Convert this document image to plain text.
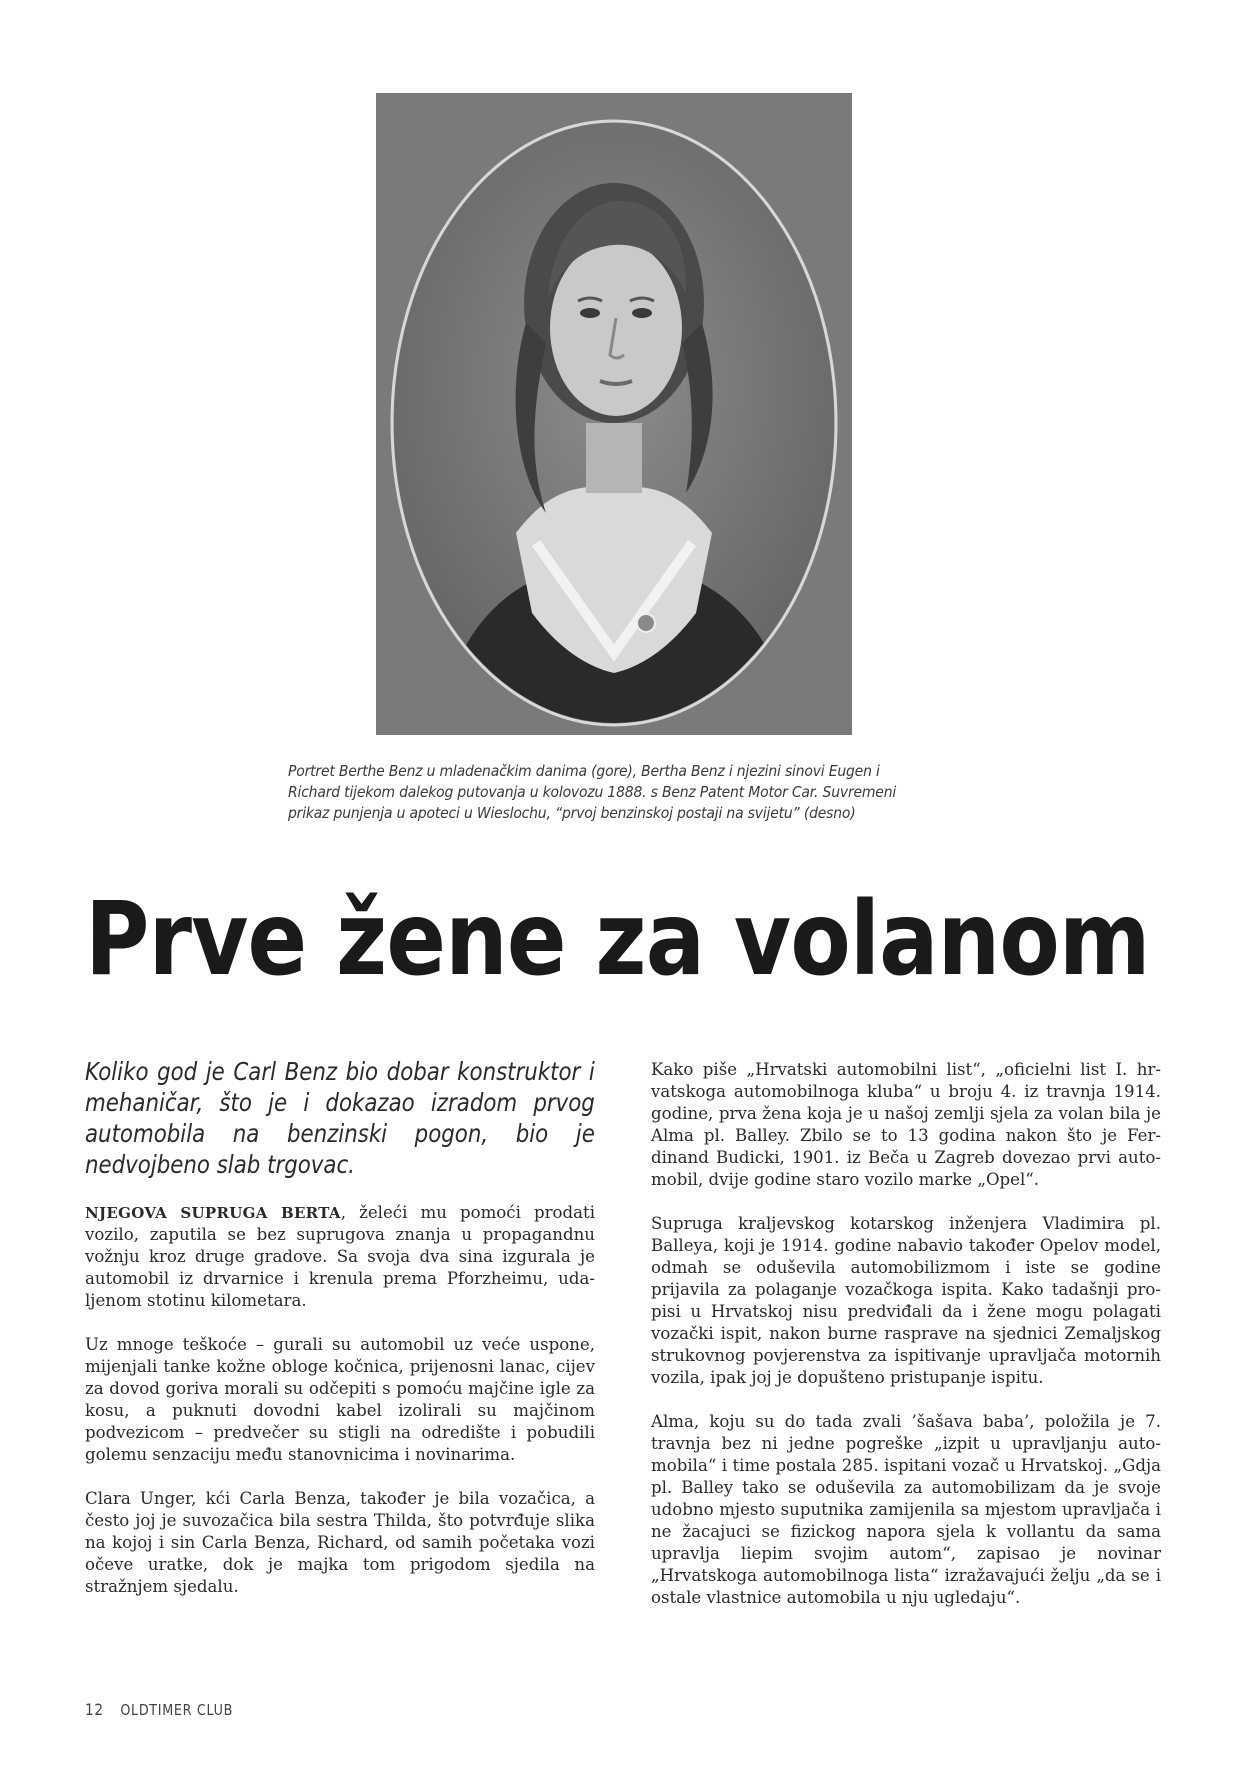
Portret Berthe Benz u mladenačkim danima (gore), Bertha Benz i njezini sinovi Eugen i Richard tijekom dalekog putovanja u kolovozu 1888. s Benz Patent Motor Car. Suvremeni prikaz punjenja u apoteci u Wieslochu, “prvoj benzinskoj postaji na svijetu” (desno)
Prve žene za volanom
Koliko god je Carl Benz bio dobar konstruktor i mehaničar, što je i dokazao izradom prvog automobila na benzinski pogon, bio je nedvojbeno slab trgovac.

NJEGOVA SUPRUGA BERTA, želeći mu pomoći prodati vozilo, zaputila se bez suprugova znanja u propagandnu vožnju kroz druge gradove. Sa svoja dva sina izgurala je automobil iz drvarnice i krenula prema Pforzheimu, udaljenom stotinu kilometara.

Uz mnoge teškoće – gurali su automobil uz veće uspone, mijenjali tanke kožne obloge kočnica, prijenosni lanac, cijev za dovod goriva morali su odčepiti s pomoću majčine igle za kosu, a puknuti dovodni kabel izolirali su majčinom podvezicom – predvečer su stigli na odredište i pobudili golemu senzaciju među stanovnicima i novinarima.

Clara Unger, kći Carla Benza, također je bila vozačica, a često joj je suvozačica bila sestra Thilda, što potvrđuje slika na kojoj i sin Carla Benza, Richard, od samih početaka vozi očeve uratke, dok je majka tom prigodom sjedila na stražnjem sjedalu.

Kako piše „Hrvatski automobilni list“, „oficielni list I. hrvatskoga automobilnoga kluba“ u broju 4. iz travnja 1914. godine, prva žena koja je u našoj zemlji sjela za volan bila je Alma pl. Balley. Zbilo se to 13 godina nakon što je Ferdinand Budicki, 1901. iz Beča u Zagreb dovezao prvi automobil, dvije godine staro vozilo marke „Opel“.

Supruga kraljevskog kotarskog inženjera Vladimira pl. Balleya, koji je 1914. godine nabavio također Opelov model, odmah se oduševila automobilizmom i iste se godine prijavila za polaganje vozačkoga ispita. Kako tadašnji propisi u Hrvatskoj nisu predviđali da i žene mogu polagati vozački ispit, nakon burne rasprave na sjednici Zemaljskog strukovnog povjerenstva za ispitivanje upravljača motornih vozila, ipak joj je dopušteno pristupanje ispitu.

Alma, koju su do tada zvali ’šašava baba’, položila je 7. travnja bez ni jedne pogreške „izpit u upravljanju automobila“ i time postala 285. ispitani vozač u Hrvatskoj. „Gdja pl. Balley tako se oduševila za automobilizam da je svoje udobno mjesto suputnika zamijenila sa mjestom upravljača i ne žacajuci se fizickog napora sjela k vollantu da sama upravlja liepim svojim autom“, zapisao je novinar „Hrvatskoga automobilnoga lista“ izražavajući želju „da se i ostale vlastnice automobila u nju ugledaju“.

12 OLDTIMER CLUB
